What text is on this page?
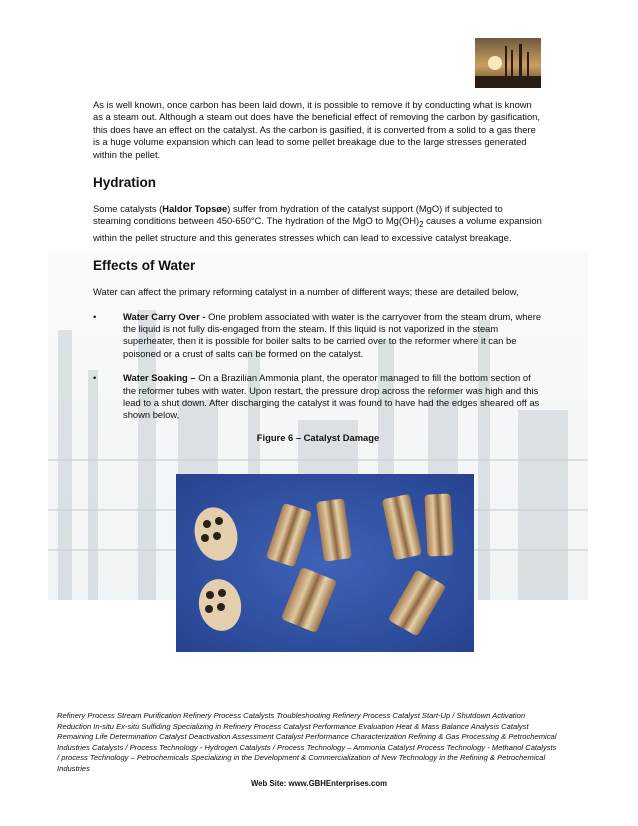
As is well known, once carbon has been laid down, it is possible to remove it by conducting what is known as a steam out. Although a steam out does have the beneficial effect of removing the carbon by gasification, this does have an effect on the catalyst. As the carbon is gasified, it is converted from a solid to a gas there is a huge volume expansion which can lead to some pellet breakage due to the large stresses generated within the pellet.

Hydration

Some catalysts (Haldor Topsøe) suffer from hydration of the catalyst support (MgO) if subjected to steaming conditions between 450-650°C. The hydration of the MgO to $Mg(OH)_2$ causes a volume expansion within the pellet structure and this generates stresses which can lead to excessive catalyst breakage.

Effects of Water

Water can affect the primary reforming catalyst in a number of different ways; these are detailed below,

•	Water Carry Over - One problem associated with water is the carryover from the steam drum, where the liquid is not fully dis-engaged from the steam. If this liquid is not vaporized in the steam superheater, then it is possible for boiler salts to be carried over to the reformer where it can be poisoned or a crust of salts can be formed on the catalyst.

•	Water Soaking – On a Brazilian Ammonia plant, the operator managed to fill the bottom section of the reformer tubes with water. Upon restart, the pressure drop across the reformer was high and this lead to a shut down. After discharging the catalyst it was found to have had the edges sheared off as shown below,

Figure 6 – Catalyst Damage
Refinery Process Stream Purification Refinery Process Catalysts Troubleshooting Refinery Process Catalyst Start-Up / Shutdown Activation Reduction In-situ Ex-situ Sulfiding Specializing in Refinery Process Catalyst Performance Evaluation Heat & Mass Balance Analysis Catalyst Remaining Life Determination Catalyst Deactivation Assessment Catalyst Performance Characterization Refining & Gas Processing & Petrochemical Industries Catalysts / Process Technology - Hydrogen Catalysts / Process Technology – Ammonia Catalyst Process Technology - Methanol Catalysts / process Technology – Petrochemicals Specializing in the Development & Commercialization of New Technology in the Refining & Petrochemical Industries
Web Site: www.GBHEnterprises.com
